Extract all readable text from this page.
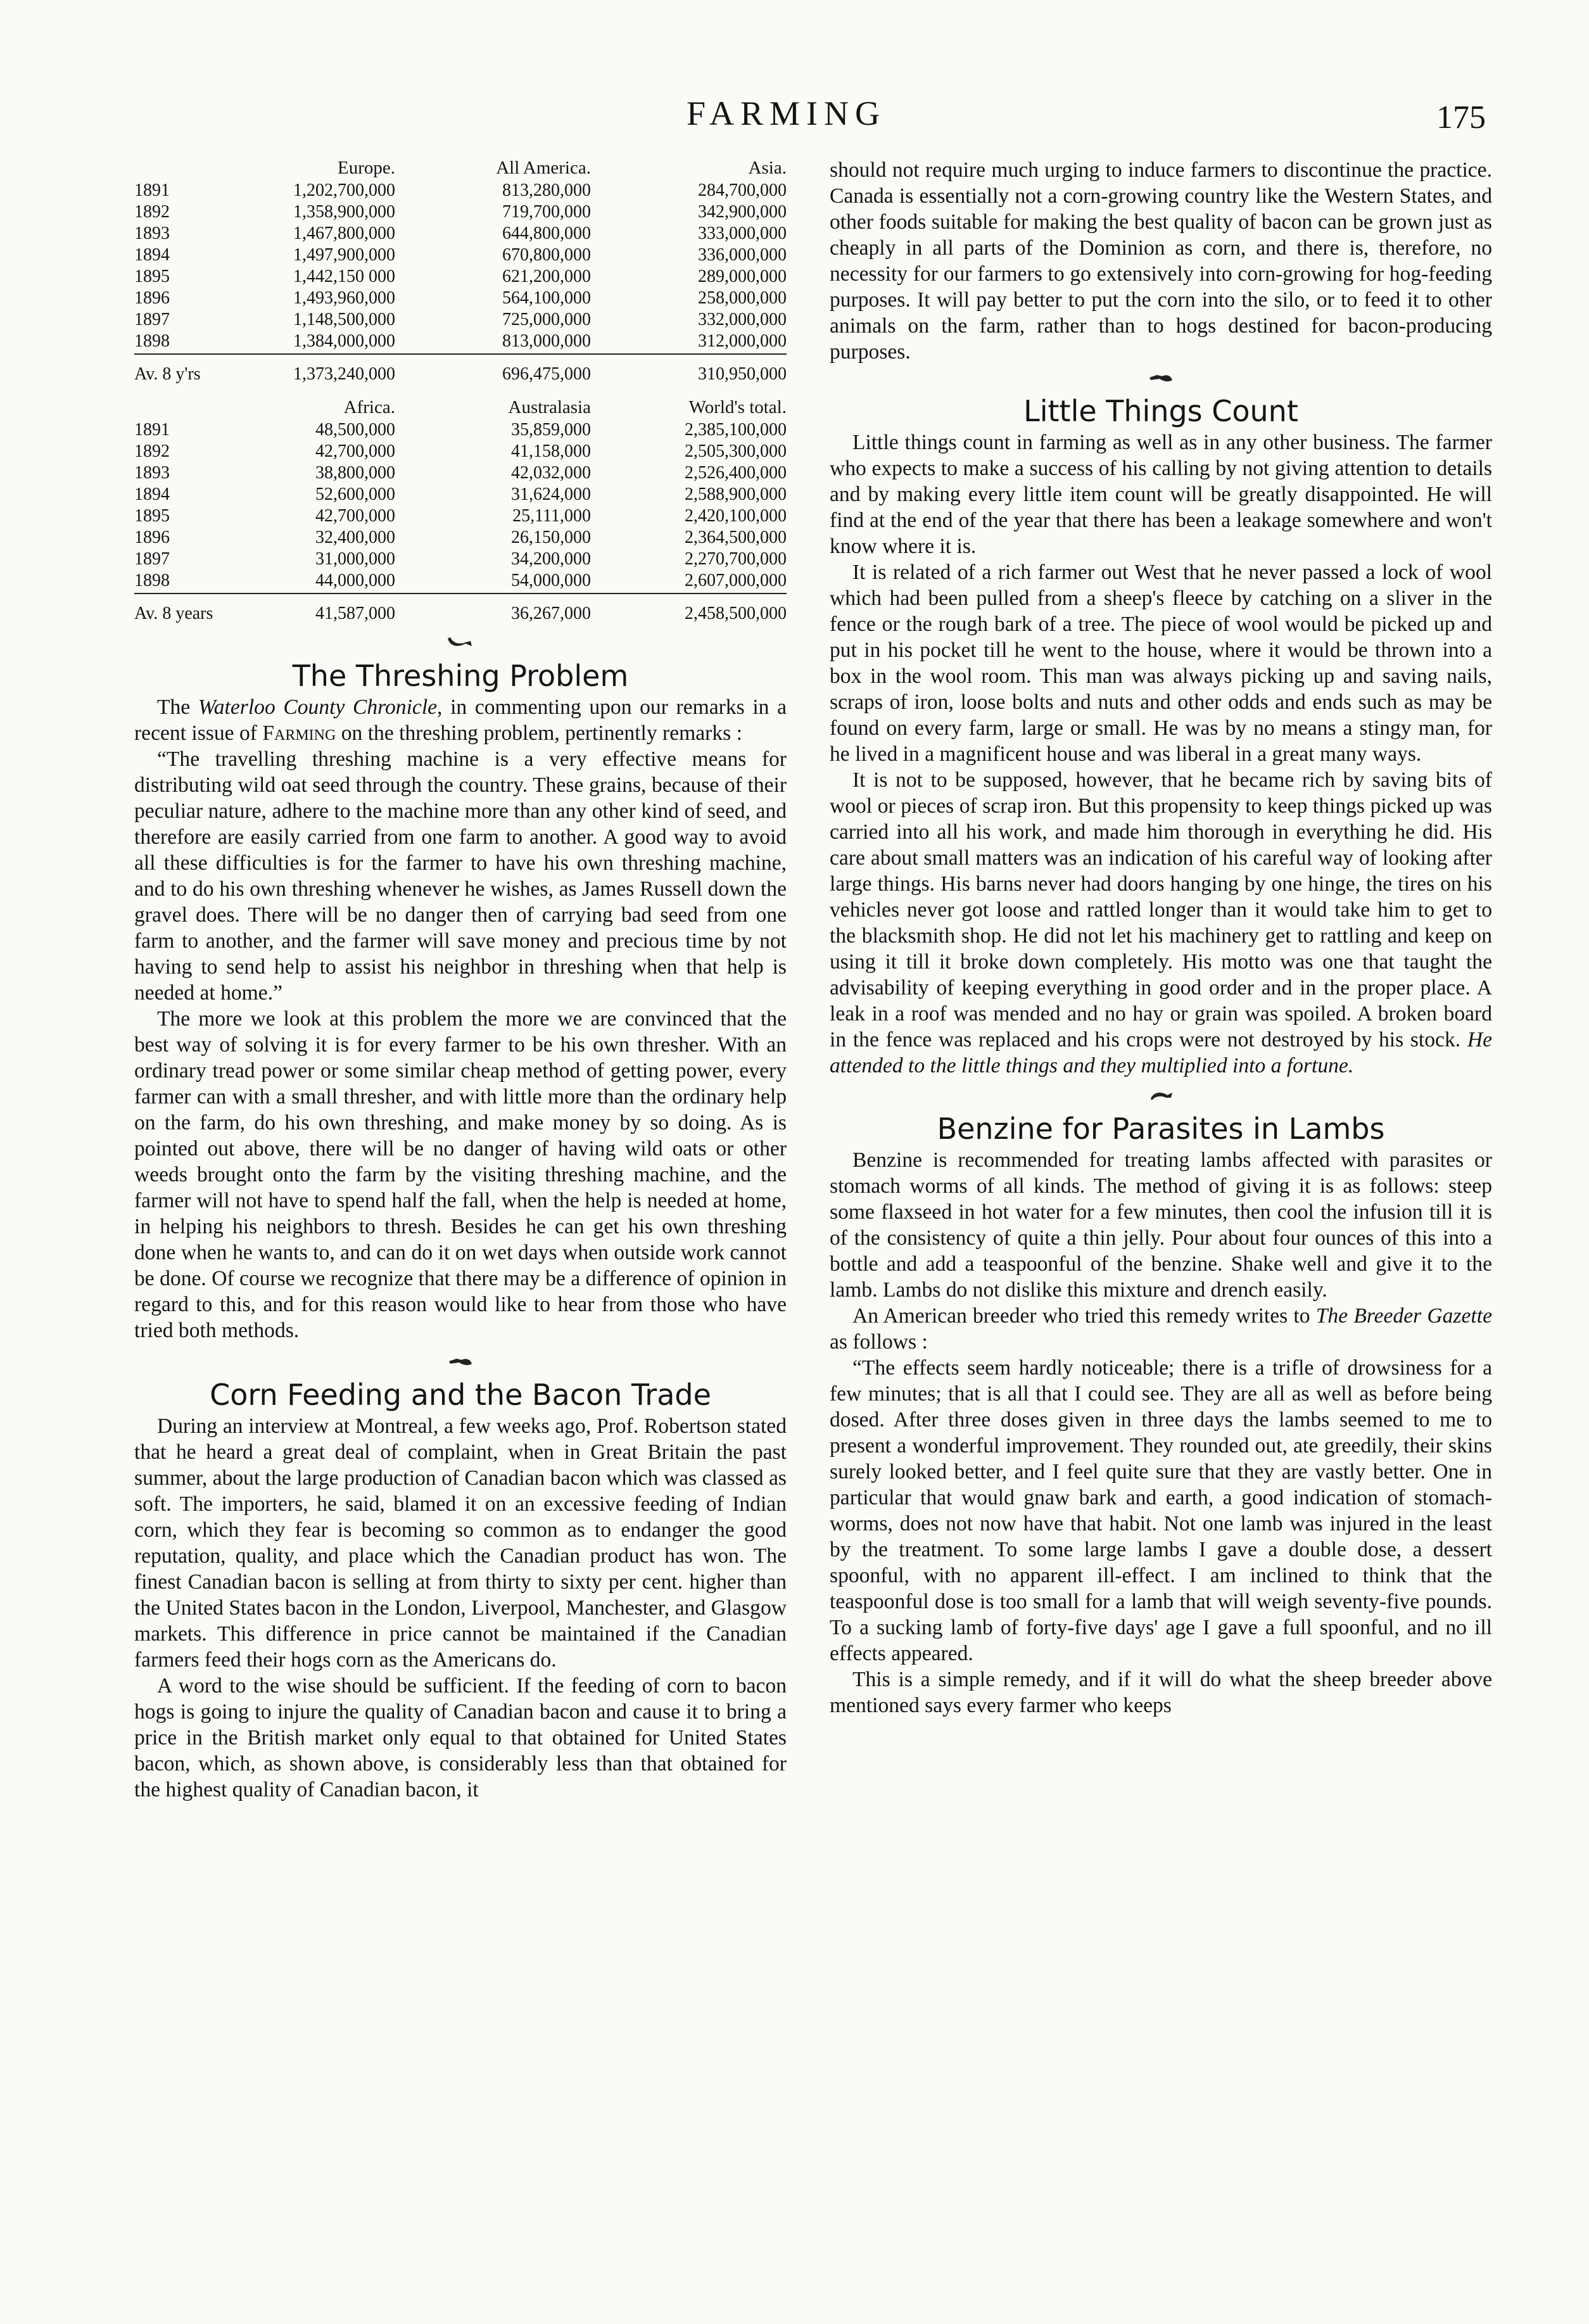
FARMING	175
	Europe.	All America.	Asia.
1891	1,202,700,000	813,280,000	284,700,000
1892	1,358,900,000	719,700,000	342,900,000
1893	1,467,800,000	644,800,000	333,000,000
1894	1,497,900,000	670,800,000	336,000,000
1895	1,442,150 000	621,200,000	289,000,000
1896	1,493,960,000	564,100,000	258,000,000
1897	1,148,500,000	725,000,000	332,000,000
1898	1,384,000,000	813,000,000	312,000,000

Av. 8 y'rs	1,373,240,000	696,475,000	310,950,000
	Africa.	Australasia	World's total.
1891	48,500,000	35,859,000	2,385,100,000
1892	42,700,000	41,158,000	2,505,300,000
1893	38,800,000	42,032,000	2,526,400,000
1894	52,600,000	31,624,000	2,588,900,000
1895	42,700,000	25,111,000	2,420,100,000
1896	32,400,000	26,150,000	2,364,500,000
1897	31,000,000	34,200,000	2,270,700,000
1898	44,000,000	54,000,000	2,607,000,000

Av. 8 years	41,587,000	36,267,000	2,458,500,000
The Threshing Problem

The Waterloo County Chronicle, in commenting upon our remarks in a recent issue of Farming on the threshing problem, pertinently remarks :

“The travelling threshing machine is a very effective means for distributing wild oat seed through the country. These grains, because of their peculiar nature, adhere to the machine more than any other kind of seed, and therefore are easily carried from one farm to another. A good way to avoid all these difficulties is for the farmer to have his own threshing machine, and to do his own threshing whenever he wishes, as James Russell down the gravel does. There will be no danger then of carrying bad seed from one farm to another, and the farmer will save money and precious time by not having to send help to assist his neighbor in threshing when that help is needed at home.”

The more we look at this problem the more we are convinced that the best way of solving it is for every farmer to be his own thresher. With an ordinary tread power or some similar cheap method of getting power, every farmer can with a small thresher, and with little more than the ordinary help on the farm, do his own threshing, and make money by so doing. As is pointed out above, there will be no danger of having wild oats or other weeds brought onto the farm by the visiting threshing machine, and the farmer will not have to spend half the fall, when the help is needed at home, in helping his neighbors to thresh. Besides he can get his own threshing done when he wants to, and can do it on wet days when outside work cannot be done. Of course we recognize that there may be a difference of opinion in regard to this, and for this reason would like to hear from those who have tried both methods.

Corn Feeding and the Bacon Trade

During an interview at Montreal, a few weeks ago, Prof. Robertson stated that he heard a great deal of complaint, when in Great Britain the past summer, about the large production of Canadian bacon which was classed as soft. The importers, he said, blamed it on an excessive feeding of Indian corn, which they fear is becoming so common as to endanger the good reputation, quality, and place which the Canadian product has won. The finest Canadian bacon is selling at from thirty to sixty per cent. higher than the United States bacon in the London, Liverpool, Manchester, and Glasgow markets. This difference in price cannot be maintained if the Canadian farmers feed their hogs corn as the Americans do.

A word to the wise should be sufficient. If the feeding of corn to bacon hogs is going to injure the quality of Canadian bacon and cause it to bring a price in the British market only equal to that obtained for United States bacon, which, as shown above, is considerably less than that obtained for the highest quality of Canadian bacon, it

should not require much urging to induce farmers to discontinue the practice. Canada is essentially not a corn-growing country like the Western States, and other foods suitable for making the best quality of bacon can be grown just as cheaply in all parts of the Dominion as corn, and there is, therefore, no necessity for our farmers to go extensively into corn-growing for hog-feeding purposes. It will pay better to put the corn into the silo, or to feed it to other animals on the farm, rather than to hogs destined for bacon-producing purposes.

Little Things Count

Little things count in farming as well as in any other business. The farmer who expects to make a success of his calling by not giving attention to details and by making every little item count will be greatly disappointed. He will find at the end of the year that there has been a leakage somewhere and won't know where it is.

It is related of a rich farmer out West that he never passed a lock of wool which had been pulled from a sheep's fleece by catching on a sliver in the fence or the rough bark of a tree. The piece of wool would be picked up and put in his pocket till he went to the house, where it would be thrown into a box in the wool room. This man was always picking up and saving nails, scraps of iron, loose bolts and nuts and other odds and ends such as may be found on every farm, large or small. He was by no means a stingy man, for he lived in a magnificent house and was liberal in a great many ways.

It is not to be supposed, however, that he became rich by saving bits of wool or pieces of scrap iron. But this propensity to keep things picked up was carried into all his work, and made him thorough in everything he did. His care about small matters was an indication of his careful way of looking after large things. His barns never had doors hanging by one hinge, the tires on his vehicles never got loose and rattled longer than it would take him to get to the blacksmith shop. He did not let his machinery get to rattling and keep on using it till it broke down completely. His motto was one that taught the advisability of keeping everything in good order and in the proper place. A leak in a roof was mended and no hay or grain was spoiled. A broken board in the fence was replaced and his crops were not destroyed by his stock. He attended to the little things and they multiplied into a fortune.

Benzine for Parasites in Lambs

Benzine is recommended for treating lambs affected with parasites or stomach worms of all kinds. The method of giving it is as follows: steep some flaxseed in hot water for a few minutes, then cool the infusion till it is of the consistency of quite a thin jelly. Pour about four ounces of this into a bottle and add a teaspoonful of the benzine. Shake well and give it to the lamb. Lambs do not dislike this mixture and drench easily.

An American breeder who tried this remedy writes to The Breeder Gazette as follows :

“The effects seem hardly noticeable; there is a trifle of drowsiness for a few minutes; that is all that I could see. They are all as well as before being dosed. After three doses given in three days the lambs seemed to me to present a wonderful improvement. They rounded out, ate greedily, their skins surely looked better, and I feel quite sure that they are vastly better. One in particular that would gnaw bark and earth, a good indication of stomach-worms, does not now have that habit. Not one lamb was injured in the least by the treatment. To some large lambs I gave a double dose, a dessert spoonful, with no apparent ill-effect. I am inclined to think that the teaspoonful dose is too small for a lamb that will weigh seventy-five pounds. To a sucking lamb of forty-five days' age I gave a full spoonful, and no ill effects appeared.

This is a simple remedy, and if it will do what the sheep breeder above mentioned says every farmer who keeps
